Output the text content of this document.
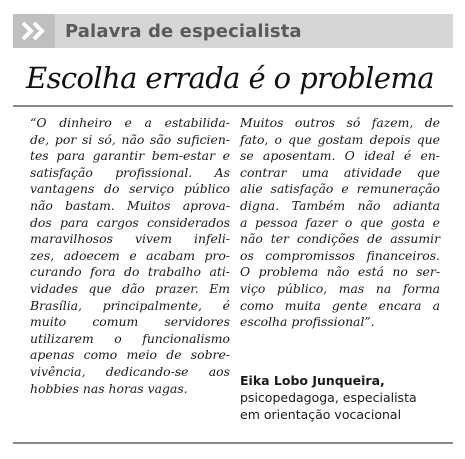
Palavra de especialista
Escolha errada é o problema
“O dinheiro e a estabilida-
de, por si só, não são suficien-
tes para garantir bem-estar e
satisfação profissional. As
vantagens do serviço público
não bastam. Muitos aprova-
dos para cargos considerados
maravilhosos vivem infeli-
zes, adoecem e acabam pro-
curando fora do trabalho ati-
vidades que dão prazer. Em
Brasília, principalmente, é
muito comum servidores
utilizarem o funcionalismo
apenas como meio de sobre-
vivência, dedicando-se aos
hobbies nas horas vagas.
Muitos outros só fazem, de
fato, o que gostam depois que
se aposentam. O ideal é en-
contrar uma atividade que
alie satisfação e remuneração
digna. Também não adianta
a pessoa fazer o que gosta e
não ter condições de assumir
os compromissos financeiros.
O problema não está no ser-
viço público, mas na forma
como muita gente encara a
escolha profissional”.
Eika Lobo Junqueira,
psicopedagoga, especialista
em orientação vocacional
